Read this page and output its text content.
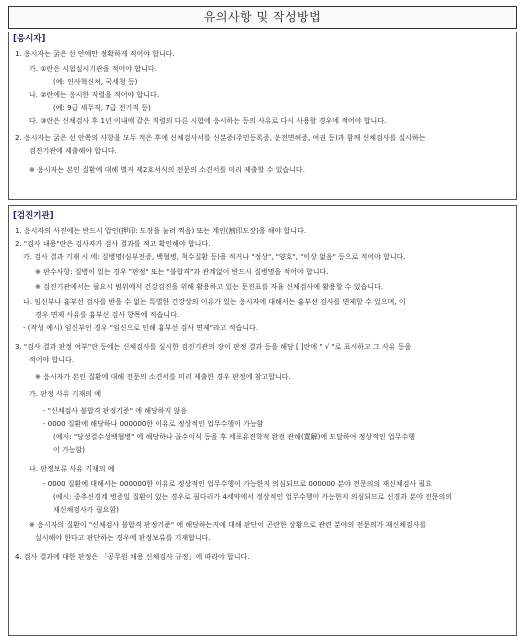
유의사항 및 작성방법
[응시자]

1. 응시자는 굵은 선 안에만 정확하게 적어야 합니다.

가. ①란은 시험실시기관을 적어야 합니다.

(예: 인사혁신처, 국세청 등)

나. ②란에는 응시한 직렬을 적어야 합니다.

(예: 9급 세무직, 7급 전기직 등)

다. ③란은 신체검사 후 1년 이내에 같은 직렬의 다른 시험에 응시하는 등의 사유로 다시 사용할 경우에 적어야 합니다.

2. 응시자는 굵은 선 안쪽의 사항을 모두 적은 후에 신체검사서를 신분증(주민등록증, 운전면허증, 여권 등)과 함께 신체검사를 실시하는

검진기관에 제출해야 합니다.

※ 응시자는 본인 질환에 대해 별지 제2호서식의 전문의 소견서를 미리 제출할 수 있습니다.

[검진기관]

1. 응시자의 사진에는 반드시 압인(押印: 도장을 눌러 찍음) 또는 계인(割印도장)을 해야 합니다.

2. "검사 내용"란은 검사자가 검사 결과를 적고 확인해야 합니다.

가. 검사 결과 기재 시 에: 질병명(심부전증, 백혈병, 척수질환 등)을 적거나 "정상", "양호", "이상 없음" 등으로 적어야 합니다.

※ 판수사항: 질병이 있는 경우 "판정" 또는 "불합격"과 관계없이 반드시 질병명을 적어야 합니다.

※ 검진기관에서는 필요시 범위에서 건강검진을 위해 활용하고 있는 문진표를 자율 신체검사에 활용할 수 있습니다.

나. 임신부나 흉부선 검사를 받을 수 없는 특별한 건강상의 이유가 있는 응시자에 대해서는 흉부선 검사를 면제할 수 있으며, 이

경우 면제 사유를 흉부선 검사 항목에 적습니다.

- (작성 예시) 임신부인 경우 "임신으로 인해 흉부선 검사 면제"라고 적습니다.

3. "검사 결과 판정 여부"란 등에는 신체검사를 실시한 검진기관의 장이 판정 결과 등을 해당 [ ]란에 " √ "로 표시하고 그 사유 등을

적어야 합니다.

※ 응시자가 본인 질환에 대해 전문의 소견서를 미리 제출한 경우 판정에 참고합니다.

가. 판정 사유 기재의 예

- "신체검사 불합격 판정기준" 에 해당하지 않음

- 0000 질환에 해당하나 000000한 이유로 정상적인 업무수행이 가능함

(예시: "당성결수성백혈병" 에 해당하나 골수이식 등을 후 세포유전학적 완전 관해(寬解)에 도달하여 정상적인 업무수행

이 가능함)

나. 판정보류 사유 기재의 예

- 0000 질환에 대해서는 000000한 이유로 정상적인 업무수행이 가능한지 의심되므로 000000 분야 전문의의 재신체검사 필요

(예시: 중추신경계 병증일 질환이 있는 경우로 필다리가 4세약에서 정상적인 업무수행이 가능한지 의심되므로 신경과 분야 전문의의

재신체검사가 필요함)

※ 응시자의 질환이 "신체검사 불합격 판정기준" 에 해당하는지에 대해 판단이 곤란한 상황으로 관련 분야의 전문의가 재신체검사를

실시해야 한다고 판단하는 경우에 판정보류를 기재합니다.

4. 검사 결과에 대한 판정은 「공무원 채용 신체검사 규정」에 따라야 합니다.
